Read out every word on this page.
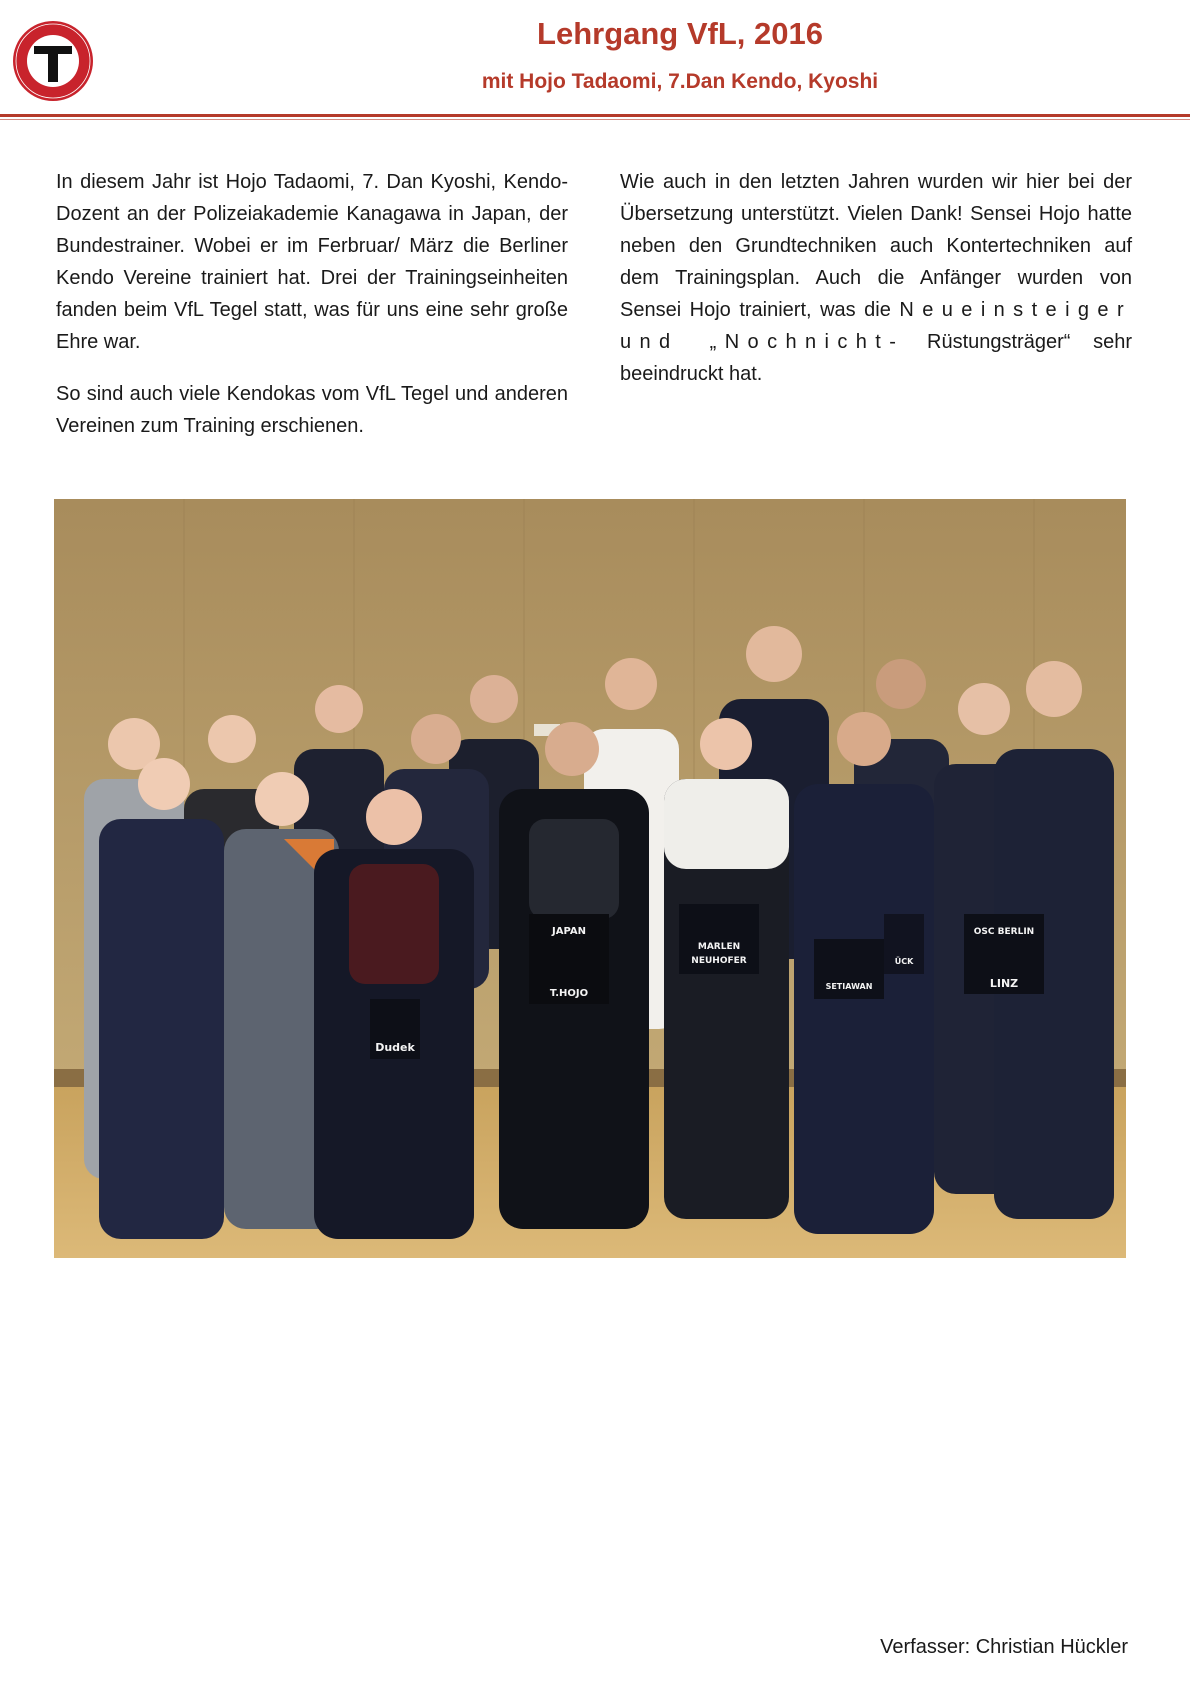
Lehrgang VfL, 2016
mit Hojo Tadaomi, 7.Dan Kendo, Kyoshi

In diesem Jahr ist Hojo Tadaomi, 7. Dan Kyoshi, Kendo-Dozent an der Polizeiakademie Kanagawa in Japan, der Bundestrainer. Wobei er im Ferbruar/ März die Berliner Kendo Vereine trainiert hat. Drei der Trainingseinheiten fanden beim VfL Tegel statt, was für uns eine sehr große Ehre war.

So sind auch viele Kendokas vom VfL Tegel und anderen Vereinen zum Training erschienen.

Wie auch in den letzten Jahren wurden wir hier bei der Übersetzung unterstützt. Vielen Dank! Sensei Hojo hatte neben den Grundtechniken auch Kontertechniken auf dem Trainingsplan. Auch die Anfänger wurden von Sensei Hojo trainiert, was die Neueinsteiger und „Nochnicht- Rüstungsträger“ sehr beeindruckt hat.

Dudek
JAPAN
T.HOJO
MARLEN
NEUHOFER
SETIAWAN
ÜCK
OSC BERLIN
LINZ
Verfasser: Christian Hückler
